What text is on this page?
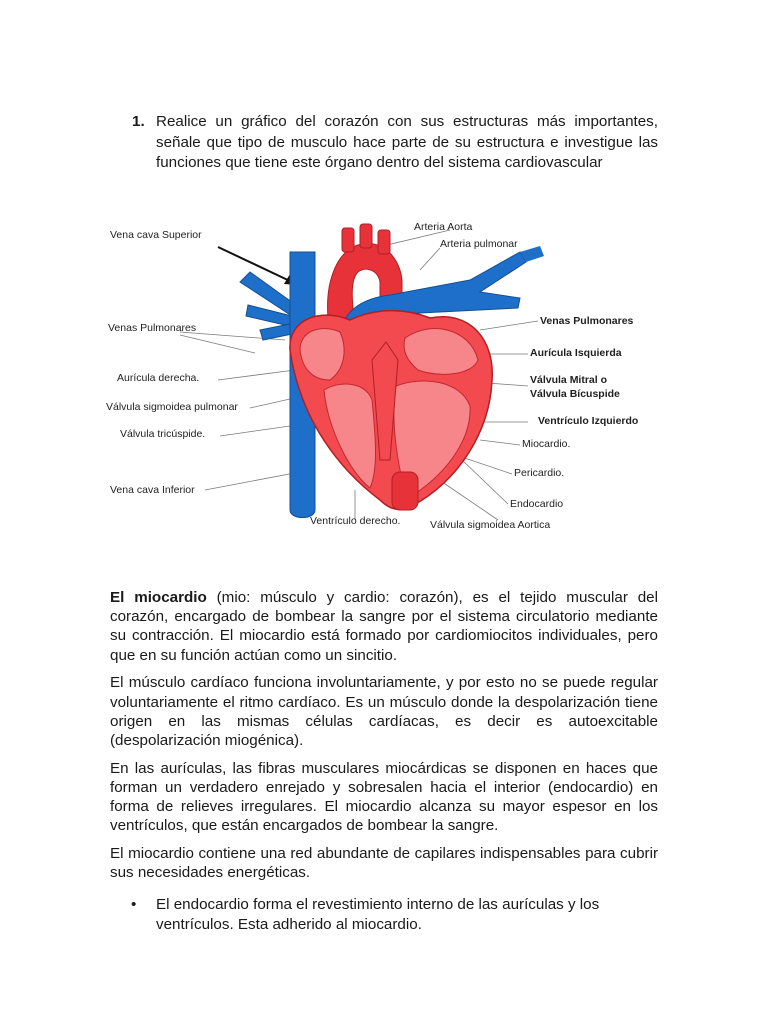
1. Realice un gráfico del corazón con sus estructuras más importantes, señale que tipo de musculo hace parte de su estructura e investigue las funciones que tiene este órgano dentro del sistema cardiovascular
Vena cava Superior
Arteria Aorta
Arteria pulmonar
Venas Pulmonares
Venas Pulmonares
Aurícula Isquierda
Aurícula derecha.	Válvula Mitral o
Válvula Bícuspide
Válvula sigmoidea pulmonar
Ventrículo Izquierdo
Válvula tricúspide.
Miocardio.
Pericardio.
Vena cava Inferior
Endocardio
Ventrículo derecho.	Válvula sigmoidea Aortica

El miocardio (mio: músculo y cardio: corazón), es el tejido muscular del corazón, encargado de bombear la sangre por el sistema circulatorio mediante su contracción. El miocardio está formado por cardiomiocitos individuales, pero que en su función actúan como un sincitio.

El músculo cardíaco funciona involuntariamente, y por esto no se puede regular voluntariamente el ritmo cardíaco. Es un músculo donde la despolarización tiene origen en las mismas células cardíacas, es decir es autoexcitable (despolarización miogénica).

En las aurículas, las fibras musculares miocárdicas se disponen en haces que forman un verdadero enrejado y sobresalen hacia el interior (endocardio) en forma de relieves irregulares. El miocardio alcanza su mayor espesor en los ventrículos, que están encargados de bombear la sangre.

El miocardio contiene una red abundante de capilares indispensables para cubrir sus necesidades energéticas.

• El endocardio forma el revestimiento interno de las aurículas y los ventrículos. Esta adherido al miocardio.
